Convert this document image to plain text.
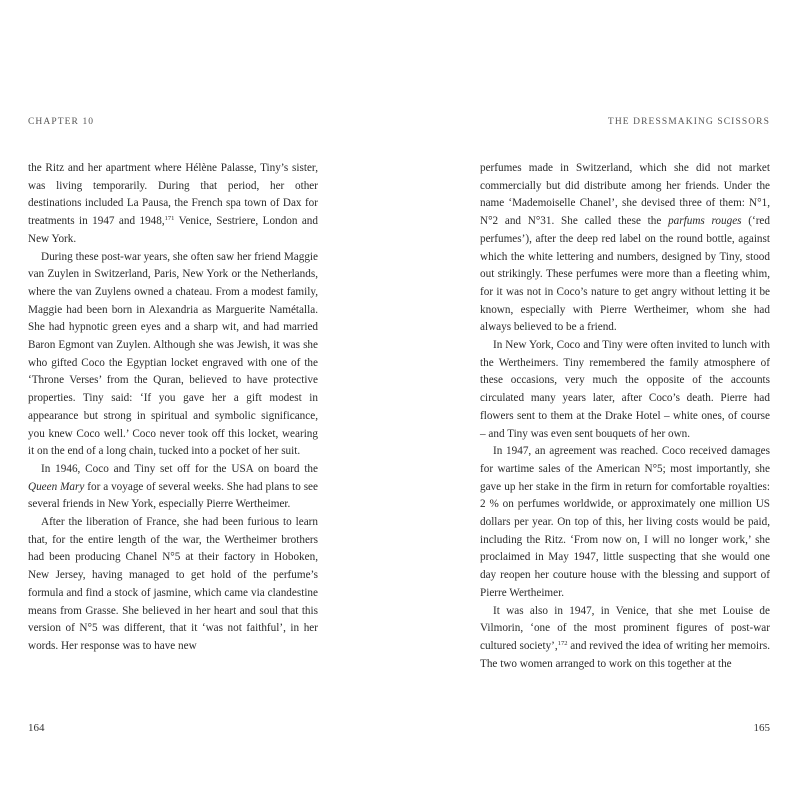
CHAPTER 10

the Ritz and her apartment where Hélène Palasse, Tiny’s sister, was living temporarily. During that period, her other destinations included La Pausa, the French spa town of Dax for treatments in 1947 and 1948,$^{171}$ Venice, Sestriere, London and New York.

During these post-war years, she often saw her friend Maggie van Zuylen in Switzerland, Paris, New York or the Netherlands, where the van Zuylens owned a chateau. From a modest family, Maggie had been born in Alexandria as Marguerite Namétalla. She had hypnotic green eyes and a sharp wit, and had married Baron Egmont van Zuylen. Although she was Jewish, it was she who gifted Coco the Egyptian locket engraved with one of the ‘Throne Verses’ from the Quran, believed to have protective properties. Tiny said: ‘If you gave her a gift modest in appearance but strong in spiritual and symbolic significance, you knew Coco well.’ Coco never took off this locket, wearing it on the end of a long chain, tucked into a pocket of her suit.

In 1946, Coco and Tiny set off for the USA on board the Queen Mary for a voyage of several weeks. She had plans to see several friends in New York, especially Pierre Wertheimer.

After the liberation of France, she had been furious to learn that, for the entire length of the war, the Wertheimer brothers had been producing Chanel N°5 at their factory in Hoboken, New Jersey, having managed to get hold of the perfume’s formula and find a stock of jasmine, which came via clandestine means from Grasse. She believed in her heart and soul that this version of N°5 was different, that it ‘was not faithful’, in her words. Her response was to have new

164
THE DRESSMAKING SCISSORS

perfumes made in Switzerland, which she did not market commercially but did distribute among her friends. Under the name ‘Mademoiselle Chanel’, she devised three of them: N°1, N°2 and N°31. She called these the parfums rouges (‘red perfumes’), after the deep red label on the round bottle, against which the white lettering and numbers, designed by Tiny, stood out strikingly. These perfumes were more than a fleeting whim, for it was not in Coco’s nature to get angry without letting it be known, especially with Pierre Wertheimer, whom she had always believed to be a friend.

In New York, Coco and Tiny were often invited to lunch with the Wertheimers. Tiny remembered the family atmosphere of these occasions, very much the opposite of the accounts circulated many years later, after Coco’s death. Pierre had flowers sent to them at the Drake Hotel – white ones, of course – and Tiny was even sent bouquets of her own.

In 1947, an agreement was reached. Coco received damages for wartime sales of the American N°5; most importantly, she gave up her stake in the firm in return for comfortable royalties: 2 % on perfumes worldwide, or approximately one million US dollars per year. On top of this, her living costs would be paid, including the Ritz. ‘From now on, I will no longer work,’ she proclaimed in May 1947, little suspecting that she would one day reopen her couture house with the blessing and support of Pierre Wertheimer.

It was also in 1947, in Venice, that she met Louise de Vilmorin, ‘one of the most prominent figures of post-war cultured society’,$^{172}$ and revived the idea of writing her memoirs. The two women arranged to work on this together at the

165
